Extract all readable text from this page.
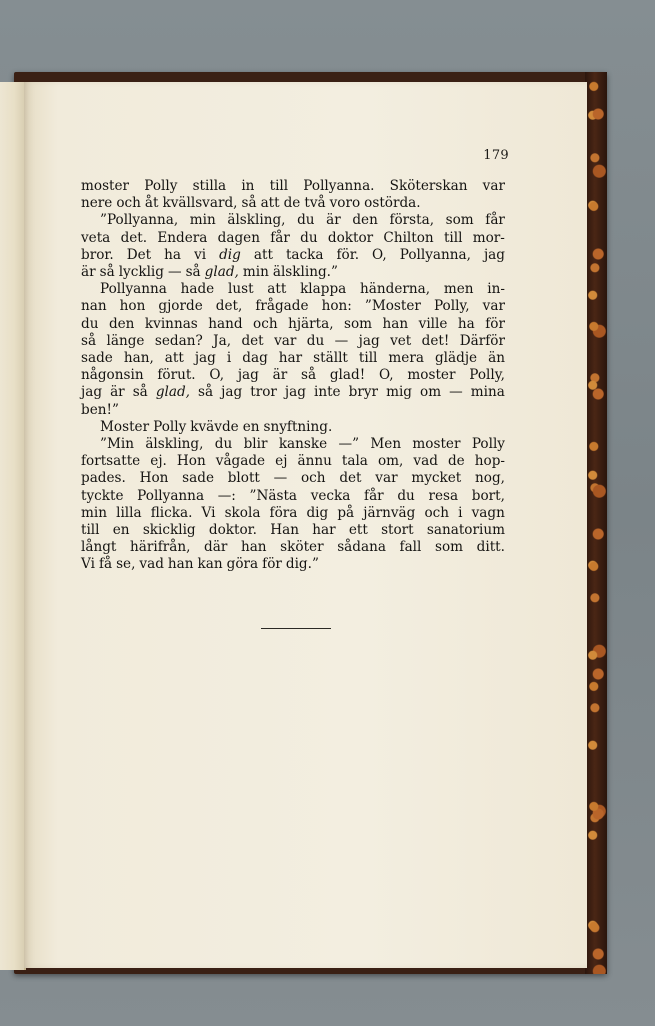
179
moster Polly stilla in till Pollyanna. Sköterskan var
nere och åt kvällsvard, så att de två voro ostörda.
”Pollyanna, min älskling, du är den första, som får
veta det. Endera dagen får du doktor Chilton till mor-
bror. Det ha vi dig att tacka för. O, Pollyanna, jag
är så lycklig — så glad, min älskling.”
Pollyanna hade lust att klappa händerna, men in-
nan hon gjorde det, frågade hon: ”Moster Polly, var
du den kvinnas hand och hjärta, som han ville ha för
så länge sedan? Ja, det var du — jag vet det! Därför
sade han, att jag i dag har ställt till mera glädje än
någonsin förut. O, jag är så glad! O, moster Polly,
jag är så glad, så jag tror jag inte bryr mig om — mina
ben!”
Moster Polly kvävde en snyftning.
”Min älskling, du blir kanske —” Men moster Polly
fortsatte ej. Hon vågade ej ännu tala om, vad de hop-
pades. Hon sade blott — och det var mycket nog,
tyckte Pollyanna —: ”Nästa vecka får du resa bort,
min lilla flicka. Vi skola föra dig på järnväg och i vagn
till en skicklig doktor. Han har ett stort sanatorium
långt härifrån, där han sköter sådana fall som ditt.
Vi få se, vad han kan göra för dig.”
